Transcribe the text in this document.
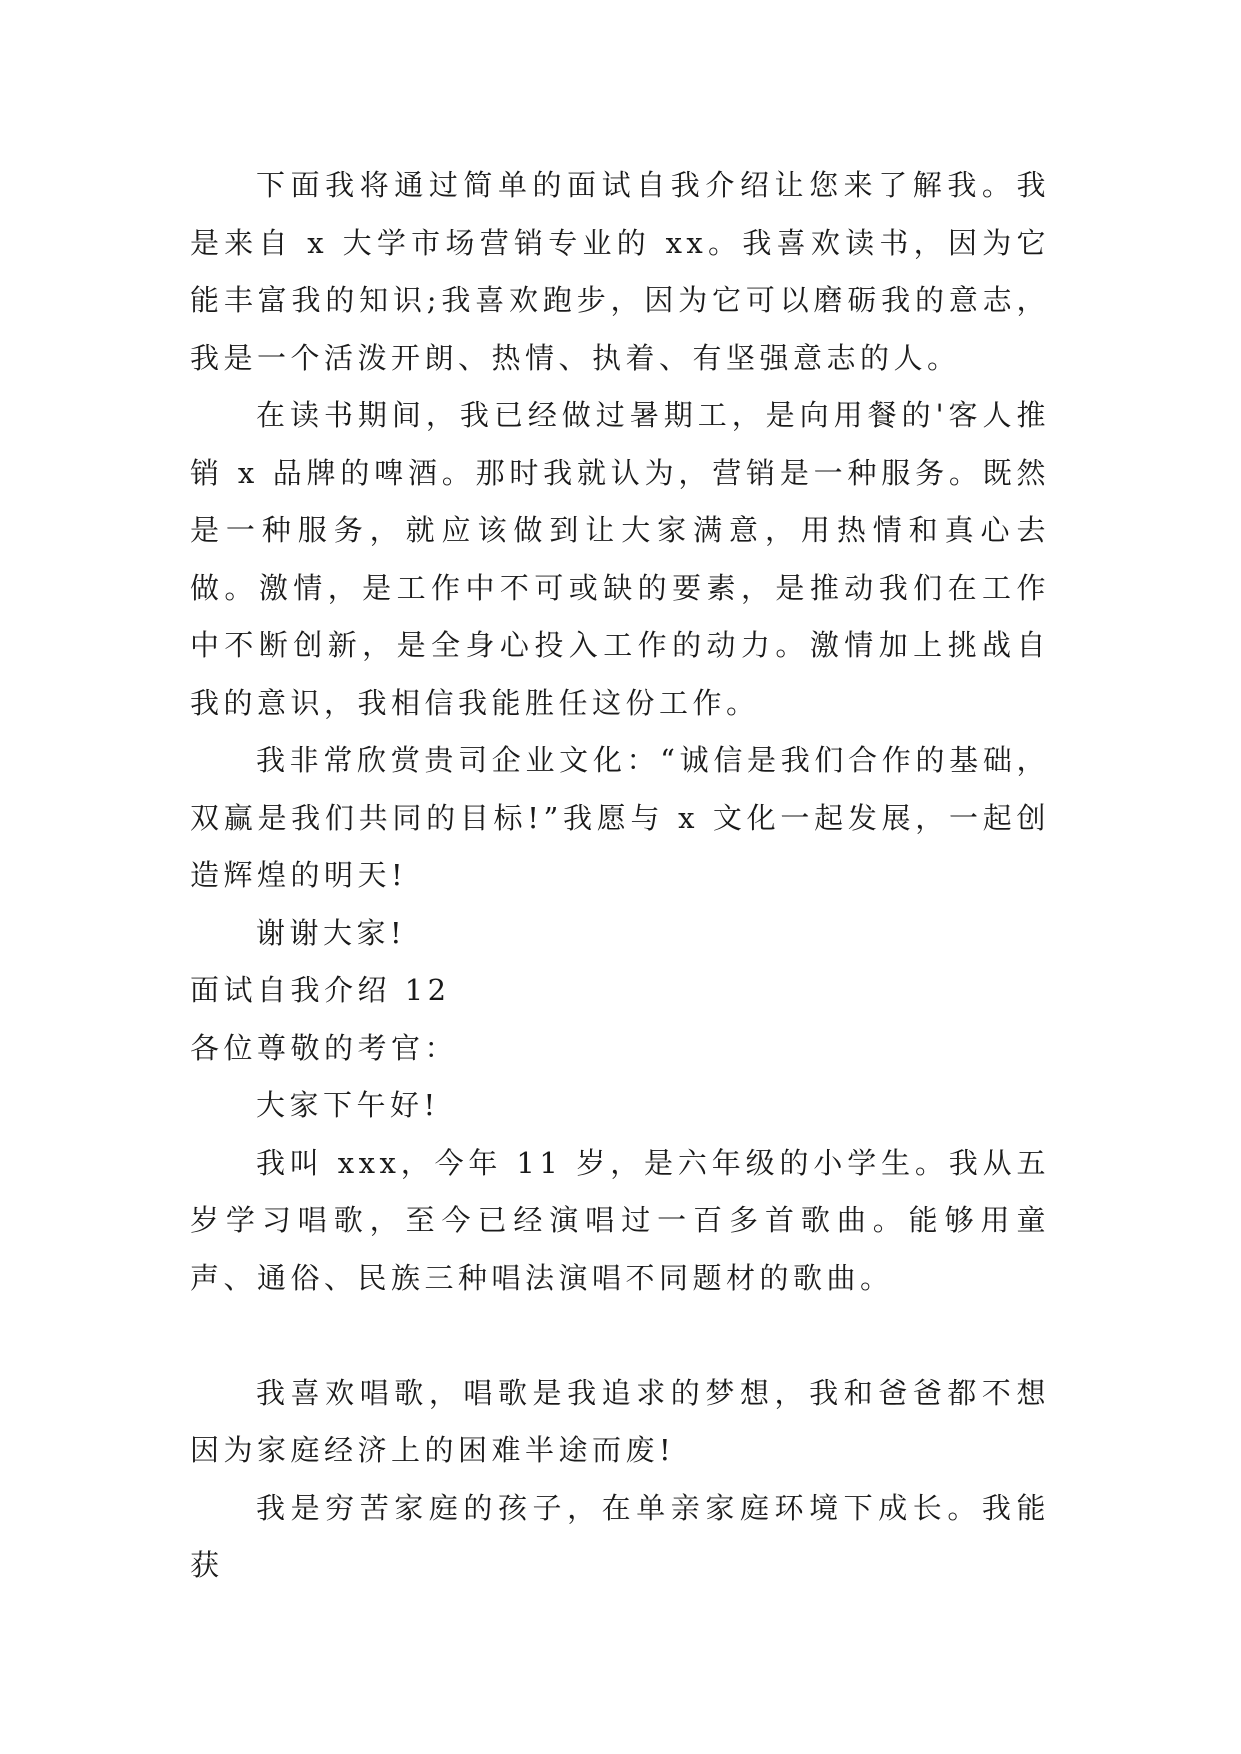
下面我将通过简单的面试自我介绍让您来了解我。我是来自 x 大学市场营销专业的 xx。我喜欢读书，因为它能丰富我的知识;我喜欢跑步，因为它可以磨砺我的意志，我是一个活泼开朗、热情、执着、有坚强意志的人。

在读书期间，我已经做过暑期工，是向用餐的'客人推销 x 品牌的啤酒。那时我就认为，营销是一种服务。既然是一种服务，就应该做到让大家满意，用热情和真心去做。激情，是工作中不可或缺的要素，是推动我们在工作中不断创新，是全身心投入工作的动力。激情加上挑战自我的意识，我相信我能胜任这份工作。

我非常欣赏贵司企业文化：“诚信是我们合作的基础，双赢是我们共同的目标!”我愿与 x 文化一起发展，一起创造辉煌的明天!

谢谢大家!

面试自我介绍 12

各位尊敬的考官：

大家下午好!

我叫 xxx，今年 11 岁，是六年级的小学生。我从五岁学习唱歌，至今已经演唱过一百多首歌曲。能够用童声、通俗、民族三种唱法演唱不同题材的歌曲。

我喜欢唱歌，唱歌是我追求的梦想，我和爸爸都不想因为家庭经济上的困难半途而废!

我是穷苦家庭的孩子，在单亲家庭环境下成长。我能获
